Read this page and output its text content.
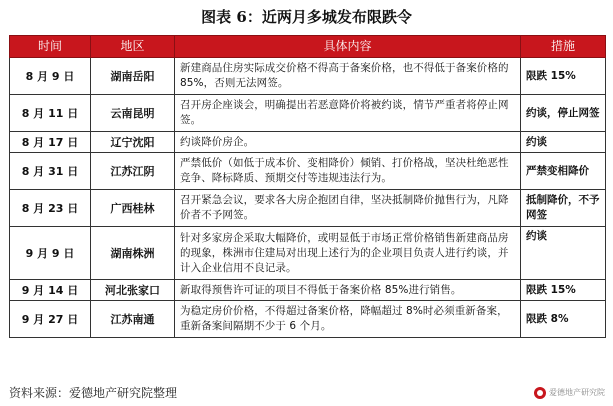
图表 6：近两月多城发布限跌令
时间	地区	具体内容	措施
8 月 9 日	湖南岳阳	新建商品住房实际成交价格不得高于备案价格，也不得低于备案价格的 85%，否则无法网签。	限跌 15%
8 月 11 日	云南昆明	召开房企座谈会，明确提出若恶意降价将被约谈，情节严重者将停止网签。	约谈，停止网签
8 月 17 日	辽宁沈阳	约谈降价房企。	约谈
8 月 31 日	江苏江阴	严禁低价（如低于成本价、变相降价）倾销、打价格战，坚决杜绝恶性竞争、降标降质、预期交付等违规违法行为。	严禁变相降价
8 月 23 日	广西桂林	召开紧急会议，要求各大房企抱团自律，坚决抵制降价抛售行为，凡降价者不予网签。	抵制降价，不予网签
9 月 9 日	湖南株洲	针对多家房企采取大幅降价，或明显低于市场正常价格销售新建商品房的现象，株洲市住建局对出现上述行为的企业项目负责人进行约谈，并计入企业信用不良记录。	约谈
9 月 14 日	河北张家口	新取得预售许可证的项目不得低于备案价格 85%进行销售。	限跌 15%
9 月 27 日	江苏南通	为稳定房价价格，不得超过备案价格，降幅超过 8%时必须重新备案，重新备案间隔期不少于 6 个月。	限跌 8%
资料来源：爱德地产研究院整理	爱德地产研究院
